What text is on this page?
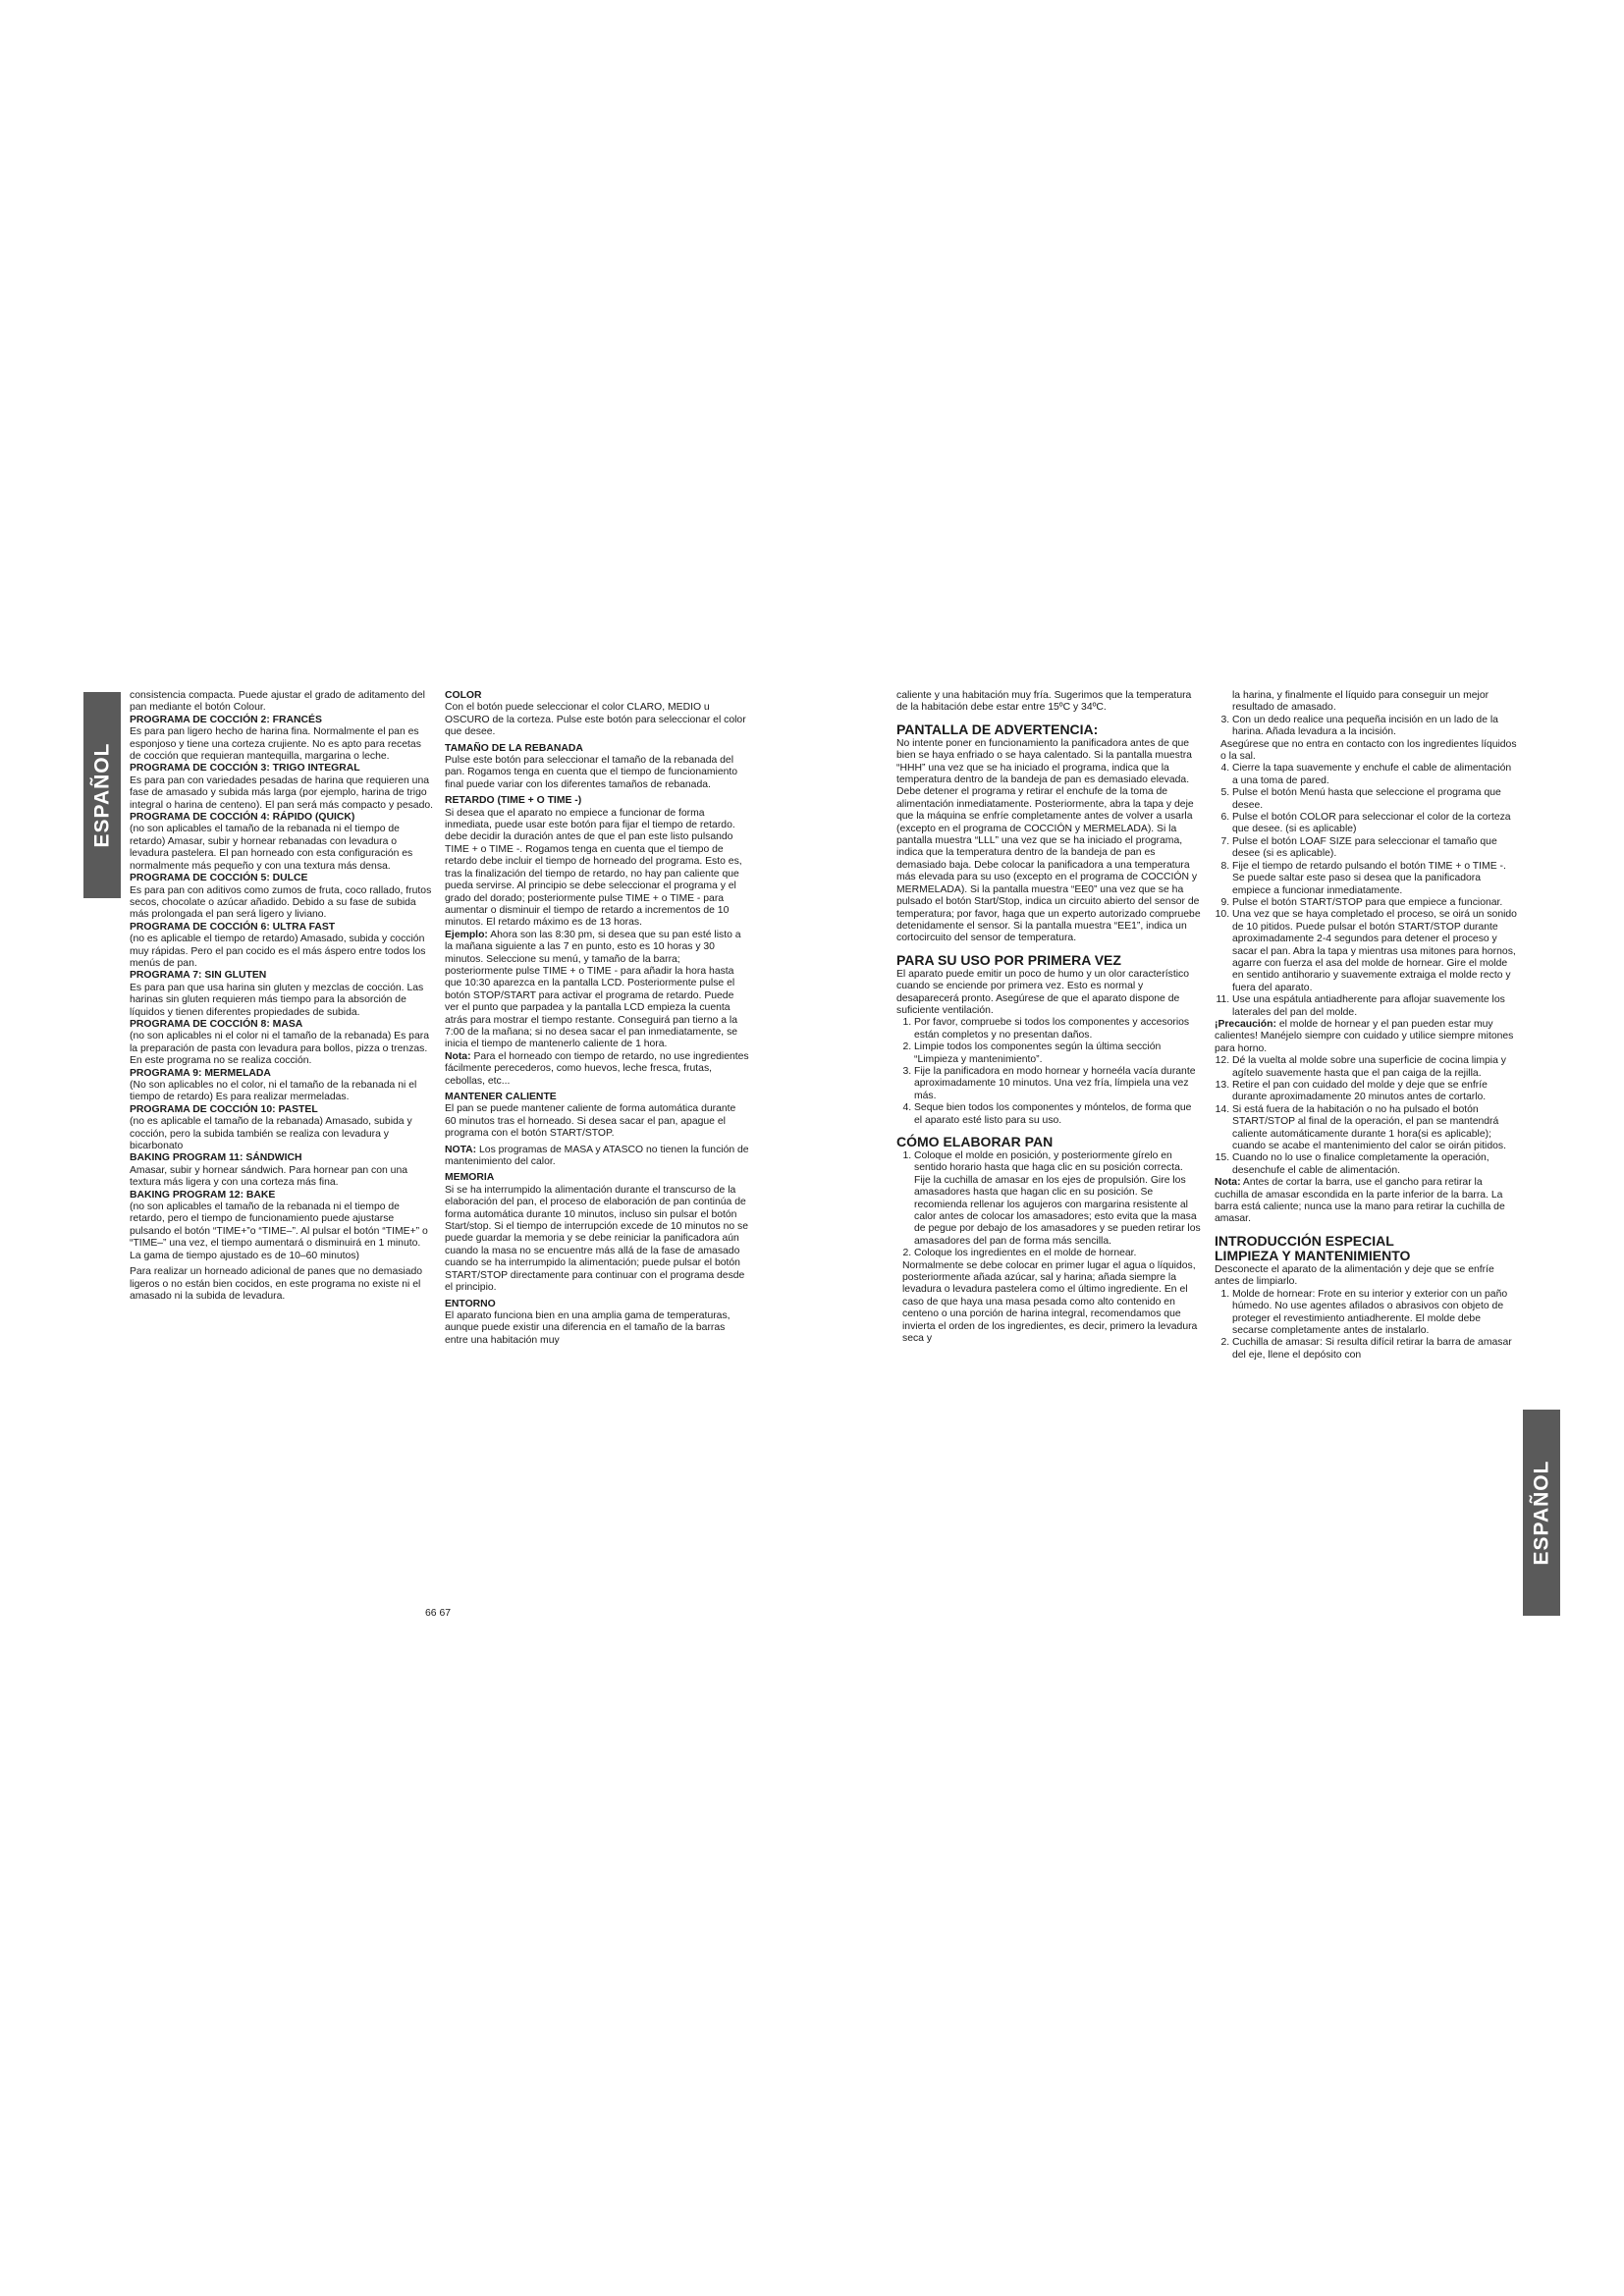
ESPAÑOL
ESPAÑOL

consistencia compacta. Puede ajustar el grado de aditamento del pan mediante el botón Colour.

PROGRAMA DE COCCIÓN 2: FRANCÉS

Es para pan ligero hecho de harina fina. Normalmente el pan es esponjoso y tiene una corteza crujiente. No es apto para recetas de cocción que requieran mantequilla, margarina o leche.

PROGRAMA DE COCCIÓN 3: TRIGO INTEGRAL

Es para pan con variedades pesadas de harina que requieren una fase de amasado y subida más larga (por ejemplo, harina de trigo integral o harina de centeno). El pan será más compacto y pesado.

PROGRAMA DE COCCIÓN 4: RÁPIDO (QUICK)

(no son aplicables el tamaño de la rebanada ni el tiempo de retardo) Amasar, subir y hornear rebanadas con levadura o levadura pastelera. El pan horneado con esta configuración es normalmente más pequeño y con una textura más densa.

PROGRAMA DE COCCIÓN 5: DULCE

Es para pan con aditivos como zumos de fruta, coco rallado, frutos secos, chocolate o azúcar añadido. Debido a su fase de subida más prolongada el pan será ligero y liviano.

PROGRAMA DE COCCIÓN 6: ULTRA FAST

(no es aplicable el tiempo de retardo) Amasado, subida y cocción muy rápidas. Pero el pan cocido es el más áspero entre todos los menús de pan.

PROGRAMA 7: SIN GLUTEN

Es para pan que usa harina sin gluten y mezclas de cocción. Las harinas sin gluten requieren más tiempo para la absorción de líquidos y tienen diferentes propiedades de subida.

PROGRAMA DE COCCIÓN 8: MASA

(no son aplicables ni el color ni el tamaño de la rebanada) Es para la preparación de pasta con levadura para bollos, pizza o trenzas. En este programa no se realiza cocción.

PROGRAMA 9: MERMELADA

(No son aplicables no el color, ni el tamaño de la rebanada ni el tiempo de retardo) Es para realizar mermeladas.

PROGRAMA DE COCCIÓN 10: PASTEL

(no es aplicable el tamaño de la rebanada) Amasado, subida y cocción, pero la subida también se realiza con levadura y bicarbonato

BAKING PROGRAM 11: SÁNDWICH

Amasar, subir y hornear sándwich. Para hornear pan con una textura más ligera y con una corteza más fina.

BAKING PROGRAM 12: BAKE

(no son aplicables el tamaño de la rebanada ni el tiempo de retardo, pero el tiempo de funcionamiento puede ajustarse pulsando el botón “TIME+”o “TIME–”. Al pulsar el botón “TIME+” o “TIME–” una vez, el tiempo aumentará o disminuirá en 1 minuto. La gama de tiempo ajustado es de 10–60 minutos)

Para realizar un horneado adicional de panes que no demasiado ligeros o no están bien cocidos, en este programa no existe ni el amasado ni la subida de levadura.

COLOR

Con el botón puede seleccionar el color CLARO, MEDIO u OSCURO de la corteza. Pulse este botón para seleccionar el color que desee.

TAMAÑO DE LA REBANADA

Pulse este botón para seleccionar el tamaño de la rebanada del pan. Rogamos tenga en cuenta que el tiempo de funcionamiento final puede variar con los diferentes tamaños de rebanada.

RETARDO (TIME + O TIME -)

Si desea que el aparato no empiece a funcionar de forma inmediata, puede usar este botón para fijar el tiempo de retardo. debe decidir la duración antes de que el pan este listo pulsando TIME + o TIME -. Rogamos tenga en cuenta que el tiempo de retardo debe incluir el tiempo de horneado del programa. Esto es, tras la finalización del tiempo de retardo, no hay pan caliente que pueda servirse. Al principio se debe seleccionar el programa y el grado del dorado; posteriormente pulse TIME + o TIME - para aumentar o disminuir el tiempo de retardo a incrementos de 10 minutos. El retardo máximo es de 13 horas.

Ejemplo: Ahora son las 8:30 pm, si desea que su pan esté listo a la mañana siguiente a las 7 en punto, esto es 10 horas y 30 minutos. Seleccione su menú, y tamaño de la barra; posteriormente pulse TIME + o TIME - para añadir la hora hasta que 10:30 aparezca en la pantalla LCD. Posteriormente pulse el botón STOP/START para activar el programa de retardo. Puede ver el punto que parpadea y la pantalla LCD empieza la cuenta atrás para mostrar el tiempo restante. Conseguirá pan tierno a la 7:00 de la mañana; si no desea sacar el pan inmediatamente, se inicia el tiempo de mantenerlo caliente de 1 hora.

Nota: Para el horneado con tiempo de retardo, no use ingredientes fácilmente perecederos, como huevos, leche fresca, frutas, cebollas, etc...

MANTENER CALIENTE

El pan se puede mantener caliente de forma automática durante 60 minutos tras el horneado. Si desea sacar el pan, apague el programa con el botón START/STOP.

NOTA: Los programas de MASA y ATASCO no tienen la función de mantenimiento del calor.

MEMORIA

Si se ha interrumpido la alimentación durante el transcurso de la elaboración del pan, el proceso de elaboración de pan continúa de forma automática durante 10 minutos, incluso sin pulsar el botón Start/stop. Si el tiempo de interrupción excede de 10 minutos no se puede guardar la memoria y se debe reiniciar la panificadora aún cuando la masa no se encuentre más allá de la fase de amasado cuando se ha interrumpido la alimentación; puede pulsar el botón START/STOP directamente para continuar con el programa desde el principio.

ENTORNO

El aparato funciona bien en una amplia gama de temperaturas, aunque puede existir una diferencia en el tamaño de la barras entre una habitación muy

66 67

caliente y una habitación muy fría. Sugerimos que la temperatura de la habitación debe estar entre 15ºC y 34ºC.

PANTALLA DE ADVERTENCIA:

No intente poner en funcionamiento la panificadora antes de que bien se haya enfriado o se haya calentado. Si la pantalla muestra “HHH” una vez que se ha iniciado el programa, indica que la temperatura dentro de la bandeja de pan es demasiado elevada. Debe detener el programa y retirar el enchufe de la toma de alimentación inmediatamente. Posteriormente, abra la tapa y deje que la máquina se enfríe completamente antes de volver a usarla (excepto en el programa de COCCIÓN y MERMELADA). Si la pantalla muestra “LLL” una vez que se ha iniciado el programa, indica que la temperatura dentro de la bandeja de pan es demasiado baja. Debe colocar la panificadora a una temperatura más elevada para su uso (excepto en el programa de COCCIÓN y MERMELADA). Si la pantalla muestra “EE0” una vez que se ha pulsado el botón Start/Stop, indica un circuito abierto del sensor de temperatura; por favor, haga que un experto autorizado compruebe detenidamente el sensor. Si la pantalla muestra “EE1”, indica un cortocircuito del sensor de temperatura.

PARA SU USO POR PRIMERA VEZ

El aparato puede emitir un poco de humo y un olor característico cuando se enciende por primera vez. Esto es normal y desaparecerá pronto. Asegúrese de que el aparato dispone de suficiente ventilación.

1. Por favor, compruebe si todos los componentes y accesorios están completos y no presentan daños.
2. Limpie todos los componentes según la última sección “Limpieza y mantenimiento”.
3. Fije la panificadora en modo hornear y horneéla vacía durante aproximadamente 10 minutos. Una vez fría, límpiela una vez más.
4. Seque bien todos los componentes y móntelos, de forma que el aparato esté listo para su uso.
CÓMO ELABORAR PAN
1. Coloque el molde en posición, y posteriormente gírelo en sentido horario hasta que haga clic en su posición correcta. Fije la cuchilla de amasar en los ejes de propulsión. Gire los amasadores hasta que hagan clic en su posición. Se recomienda rellenar los agujeros con margarina resistente al calor antes de colocar los amasadores; esto evita que la masa de pegue por debajo de los amasadores y se pueden retirar los amasadores del pan de forma más sencilla.
2. Coloque los ingredientes en el molde de hornear.

Normalmente se debe colocar en primer lugar el agua o líquidos, posteriormente añada azúcar, sal y harina; añada siempre la levadura o levadura pastelera como el último ingrediente. En el caso de que haya una masa pesada como alto contenido en centeno o una porción de harina integral, recomendamos que invierta el orden de los ingredientes, es decir, primero la levadura seca y

la harina, y finalmente el líquido para conseguir un mejor resultado de amasado.

3. Con un dedo realice una pequeña incisión en un lado de la harina. Añada levadura a la incisión.

Asegúrese que no entra en contacto con los ingredientes líquidos o la sal.

4. Cierre la tapa suavemente y enchufe el cable de alimentación a una toma de pared.
5. Pulse el botón Menú hasta que seleccione el programa que desee.
6. Pulse el botón COLOR para seleccionar el color de la corteza que desee. (si es aplicable)
7. Pulse el botón LOAF SIZE para seleccionar el tamaño que desee (si es aplicable).
8. Fije el tiempo de retardo pulsando el botón TIME + o TIME -. Se puede saltar este paso si desea que la panificadora empiece a funcionar inmediatamente.
9. Pulse el botón START/STOP para que empiece a funcionar.
10. Una vez que se haya completado el proceso, se oirá un sonido de 10 pitidos. Puede pulsar el botón START/STOP durante aproximadamente 2-4 segundos para detener el proceso y sacar el pan. Abra la tapa y mientras usa mitones para hornos, agarre con fuerza el asa del molde de hornear. Gire el molde en sentido antihorario y suavemente extraiga el molde recto y fuera del aparato.
11. Use una espátula antiadherente para aflojar suavemente los laterales del pan del molde.

¡Precaución: el molde de hornear y el pan pueden estar muy calientes! Manéjelo siempre con cuidado y utilice siempre mitones para horno.

12. Dé la vuelta al molde sobre una superficie de cocina limpia y agítelo suavemente hasta que el pan caiga de la rejilla.
13. Retire el pan con cuidado del molde y deje que se enfríe durante aproximadamente 20 minutos antes de cortarlo.
14. Si está fuera de la habitación o no ha pulsado el botón START/STOP al final de la operación, el pan se mantendrá caliente automáticamente durante 1 hora(si es aplicable); cuando se acabe el mantenimiento del calor se oirán pitidos.
15. Cuando no lo use o finalice completamente la operación, desenchufe el cable de alimentación.

Nota: Antes de cortar la barra, use el gancho para retirar la cuchilla de amasar escondida en la parte inferior de la barra. La barra está caliente; nunca use la mano para retirar la cuchilla de amasar.

INTRODUCCIÓN ESPECIAL
LIMPIEZA Y MANTENIMIENTO

Desconecte el aparato de la alimentación y deje que se enfríe antes de limpiarlo.

1. Molde de hornear: Frote en su interior y exterior con un paño húmedo. No use agentes afilados o abrasivos con objeto de proteger el revestimiento antiadherente. El molde debe secarse completamente antes de instalarlo.
2. Cuchilla de amasar: Si resulta difícil retirar la barra de amasar del eje, llene el depósito con
